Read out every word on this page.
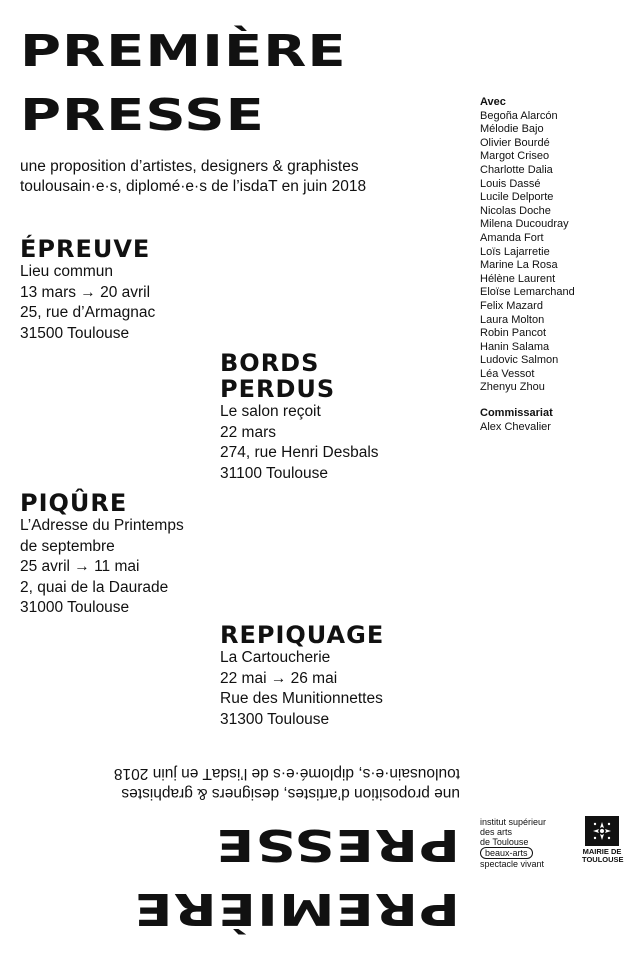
PREMIÈRE
PRESSE
une proposition d’artistes, designers & graphistes
toulousain·e·s, diplomé·e·s de l’isdaT en juin 2018
Avec
Begoña Alarcón
Mélodie Bajo
Olivier Bourdé
Margot Criseo
Charlotte Dalia
Louis Dassé
Lucile Delporte
Nicolas Doche
Milena Ducoudray
Amanda Fort
Loïs Lajarretie
Marine La Rosa
Hélène Laurent
Eloïse Lemarchand
Felix Mazard
Laura Molton
Robin Pancot
Hanin Salama
Ludovic Salmon
Léa Vessot
Zhenyu Zhou
Commissariat
Alex Chevalier
ÉPREUVE
Lieu commun
13 mars → 20 avril
25, rue d’Armagnac
31500 Toulouse
BORDS
PERDUS
Le salon reçoit
22 mars
274, rue Henri Desbals
31100 Toulouse
PIQÛRE
L’Adresse du Printemps
de septembre
25 avril → 11 mai
2, quai de la Daurade
31000 Toulouse
REPIQUAGE
La Cartoucherie
22 mai → 26 mai
Rue des Munitionnettes
31300 Toulouse
PREMIÈRE
PRESSE
une proposition d’artistes, designers & graphistes
toulousain·e·s, diplomé·e·s de l’isdaT en juin 2018
institut supérieur
des arts
de Toulouse
beaux-arts
spectacle vivant
MAIRIE DE
TOULOUSE
